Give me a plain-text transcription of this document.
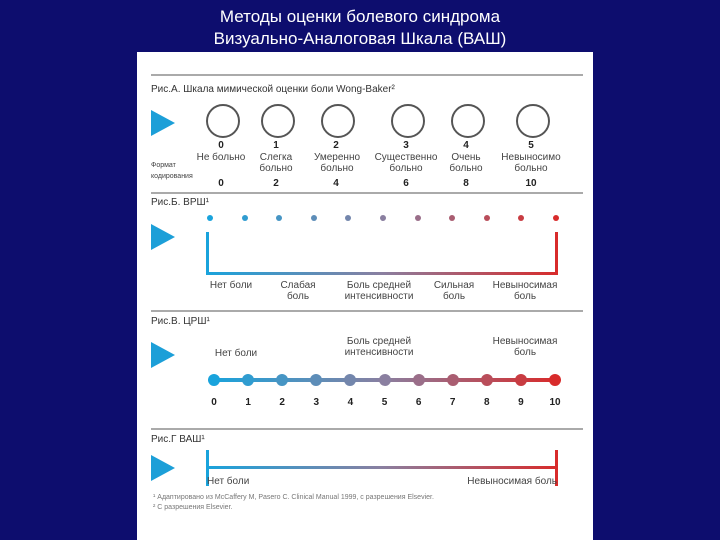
Методы оценки болевого синдрома
Визуально-Аналоговая Шкала (ВАШ)
Рис.А. Шкала мимической оценки боли Wong-Baker²
Формат кодирования
0
Не больно
0
1
Слегка больно
2
2
Умеренно больно
4
3
Существенно больно
6
4
Очень больно
8
5
Невыносимо больно
10
Рис.Б. ВРШ¹
Нет боли	Слабая боль
Боль средней интенсивности
Сильная боль
Невыносимая боль
Рис.В. ЦРШ¹
Нет боли
Боль средней интенсивности
Невыносимая боль
0	1	2	3	4	5	6	7	8	9	10
Рис.Г ВАШ¹
Нет боли	Невыносимая боль
¹ Адаптировано из McCaffery M, Pasero C. Clinical Manual 1999, с разрешения Elsevier.
² С разрешения Elsevier.
